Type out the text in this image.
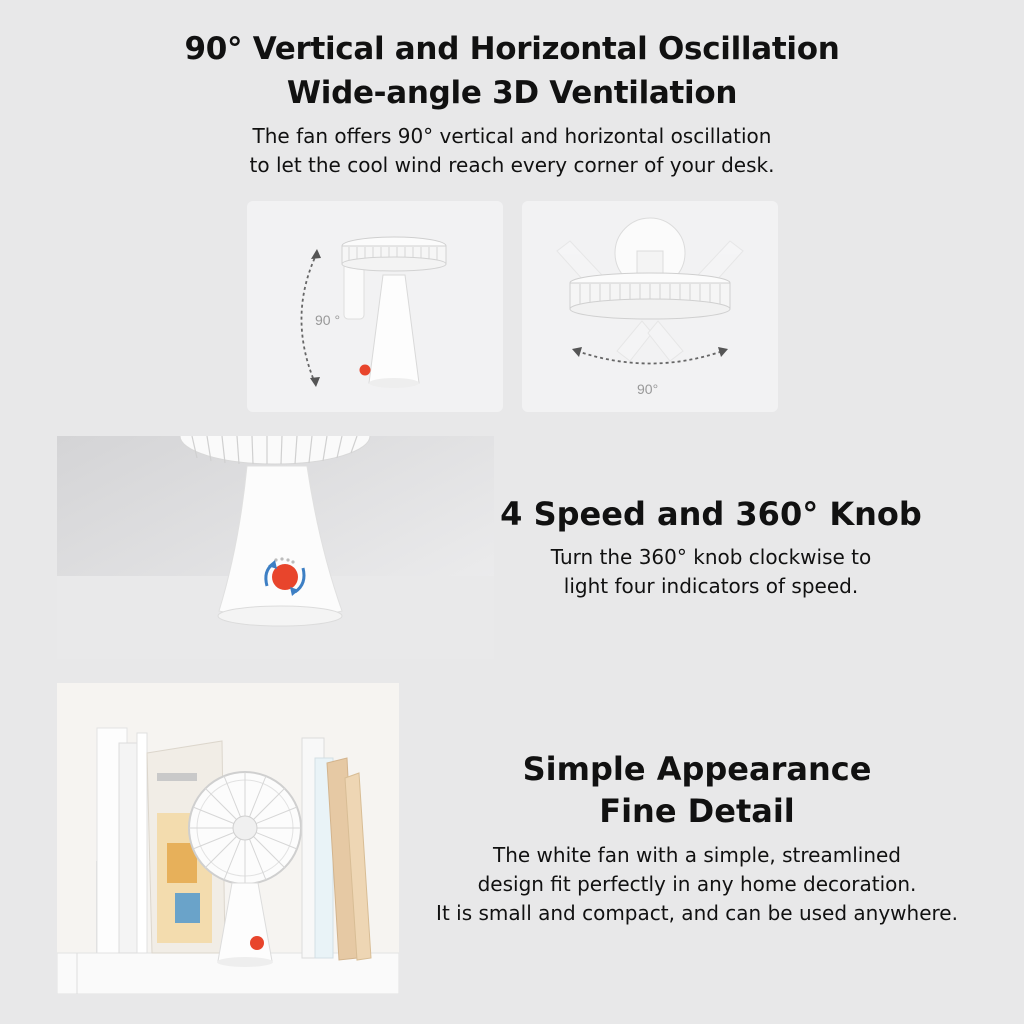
90° Vertical and Horizontal Oscillation
Wide-angle 3D Ventilation
The fan offers 90° vertical and horizontal oscillation
to let the cool wind reach every corner of your desk.
90 °
90°
4 Speed and 360° Knob
Turn the 360° knob clockwise to
light four indicators of speed.
Simple Appearance
Fine Detail
The white fan with a simple, streamlined
design fit perfectly in any home decoration.
It is small and compact, and can be used anywhere.
